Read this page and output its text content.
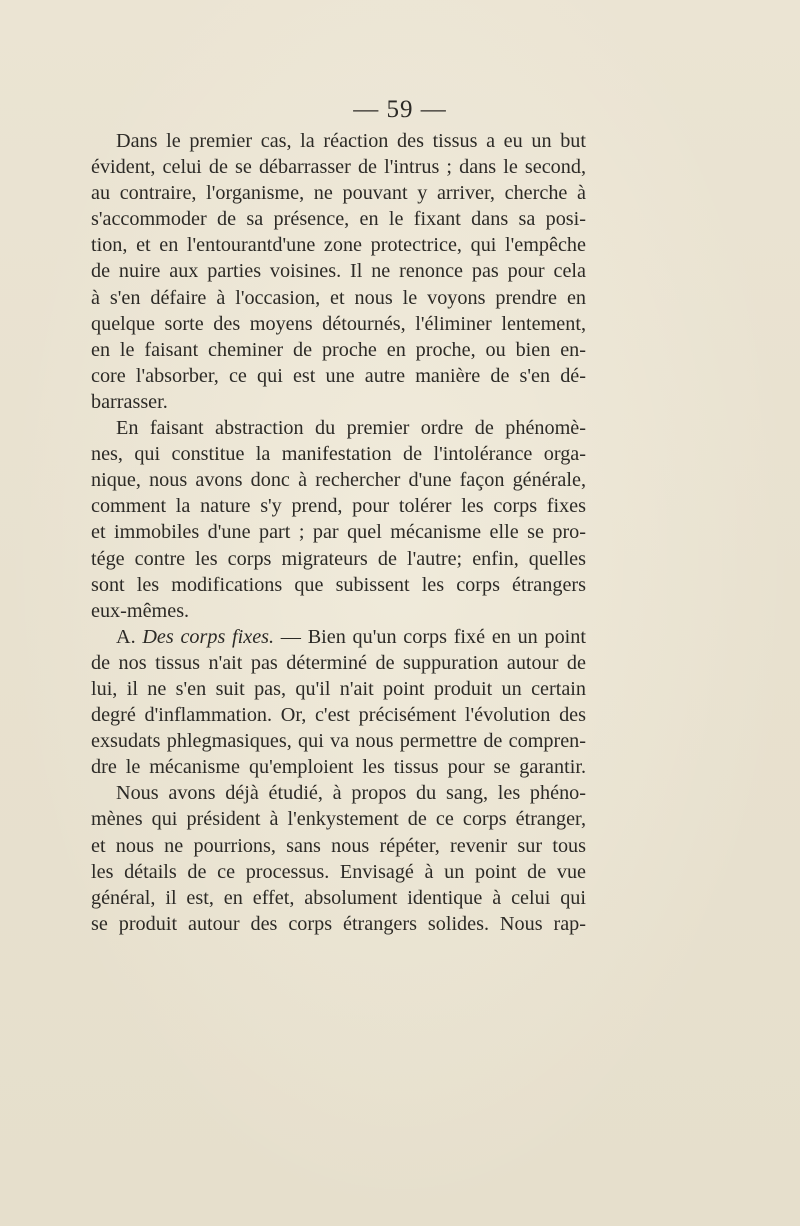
— 59 —
Dans le premier cas, la réaction des tissus a eu un but
évident, celui de se débarrasser de l'intrus ; dans le second,
au contraire, l'organisme, ne pouvant y arriver, cherche à
s'accommoder de sa présence, en le fixant dans sa posi-
tion, et en l'entourantd'une zone protectrice, qui l'empêche
de nuire aux parties voisines. Il ne renonce pas pour cela
à s'en défaire à l'occasion, et nous le voyons prendre en
quelque sorte des moyens détournés, l'éliminer lentement,
en le faisant cheminer de proche en proche, ou bien en-
core l'absorber, ce qui est une autre manière de s'en dé-
barrasser.
En faisant abstraction du premier ordre de phénomè-
nes, qui constitue la manifestation de l'intolérance orga-
nique, nous avons donc à rechercher d'une façon générale,
comment la nature s'y prend, pour tolérer les corps fixes
et immobiles d'une part ; par quel mécanisme elle se pro-
tége contre les corps migrateurs de l'autre; enfin, quelles
sont les modifications que subissent les corps étrangers
eux-mêmes.
A. Des corps fixes. — Bien qu'un corps fixé en un point
de nos tissus n'ait pas déterminé de suppuration autour de
lui, il ne s'en suit pas, qu'il n'ait point produit un certain
degré d'inflammation. Or, c'est précisément l'évolution des
exsudats phlegmasiques, qui va nous permettre de compren-
dre le mécanisme qu'emploient les tissus pour se garantir.
Nous avons déjà étudié, à propos du sang, les phéno-
mènes qui président à l'enkystement de ce corps étranger,
et nous ne pourrions, sans nous répéter, revenir sur tous
les détails de ce processus. Envisagé à un point de vue
général, il est, en effet, absolument identique à celui qui
se produit autour des corps étrangers solides. Nous rap-
